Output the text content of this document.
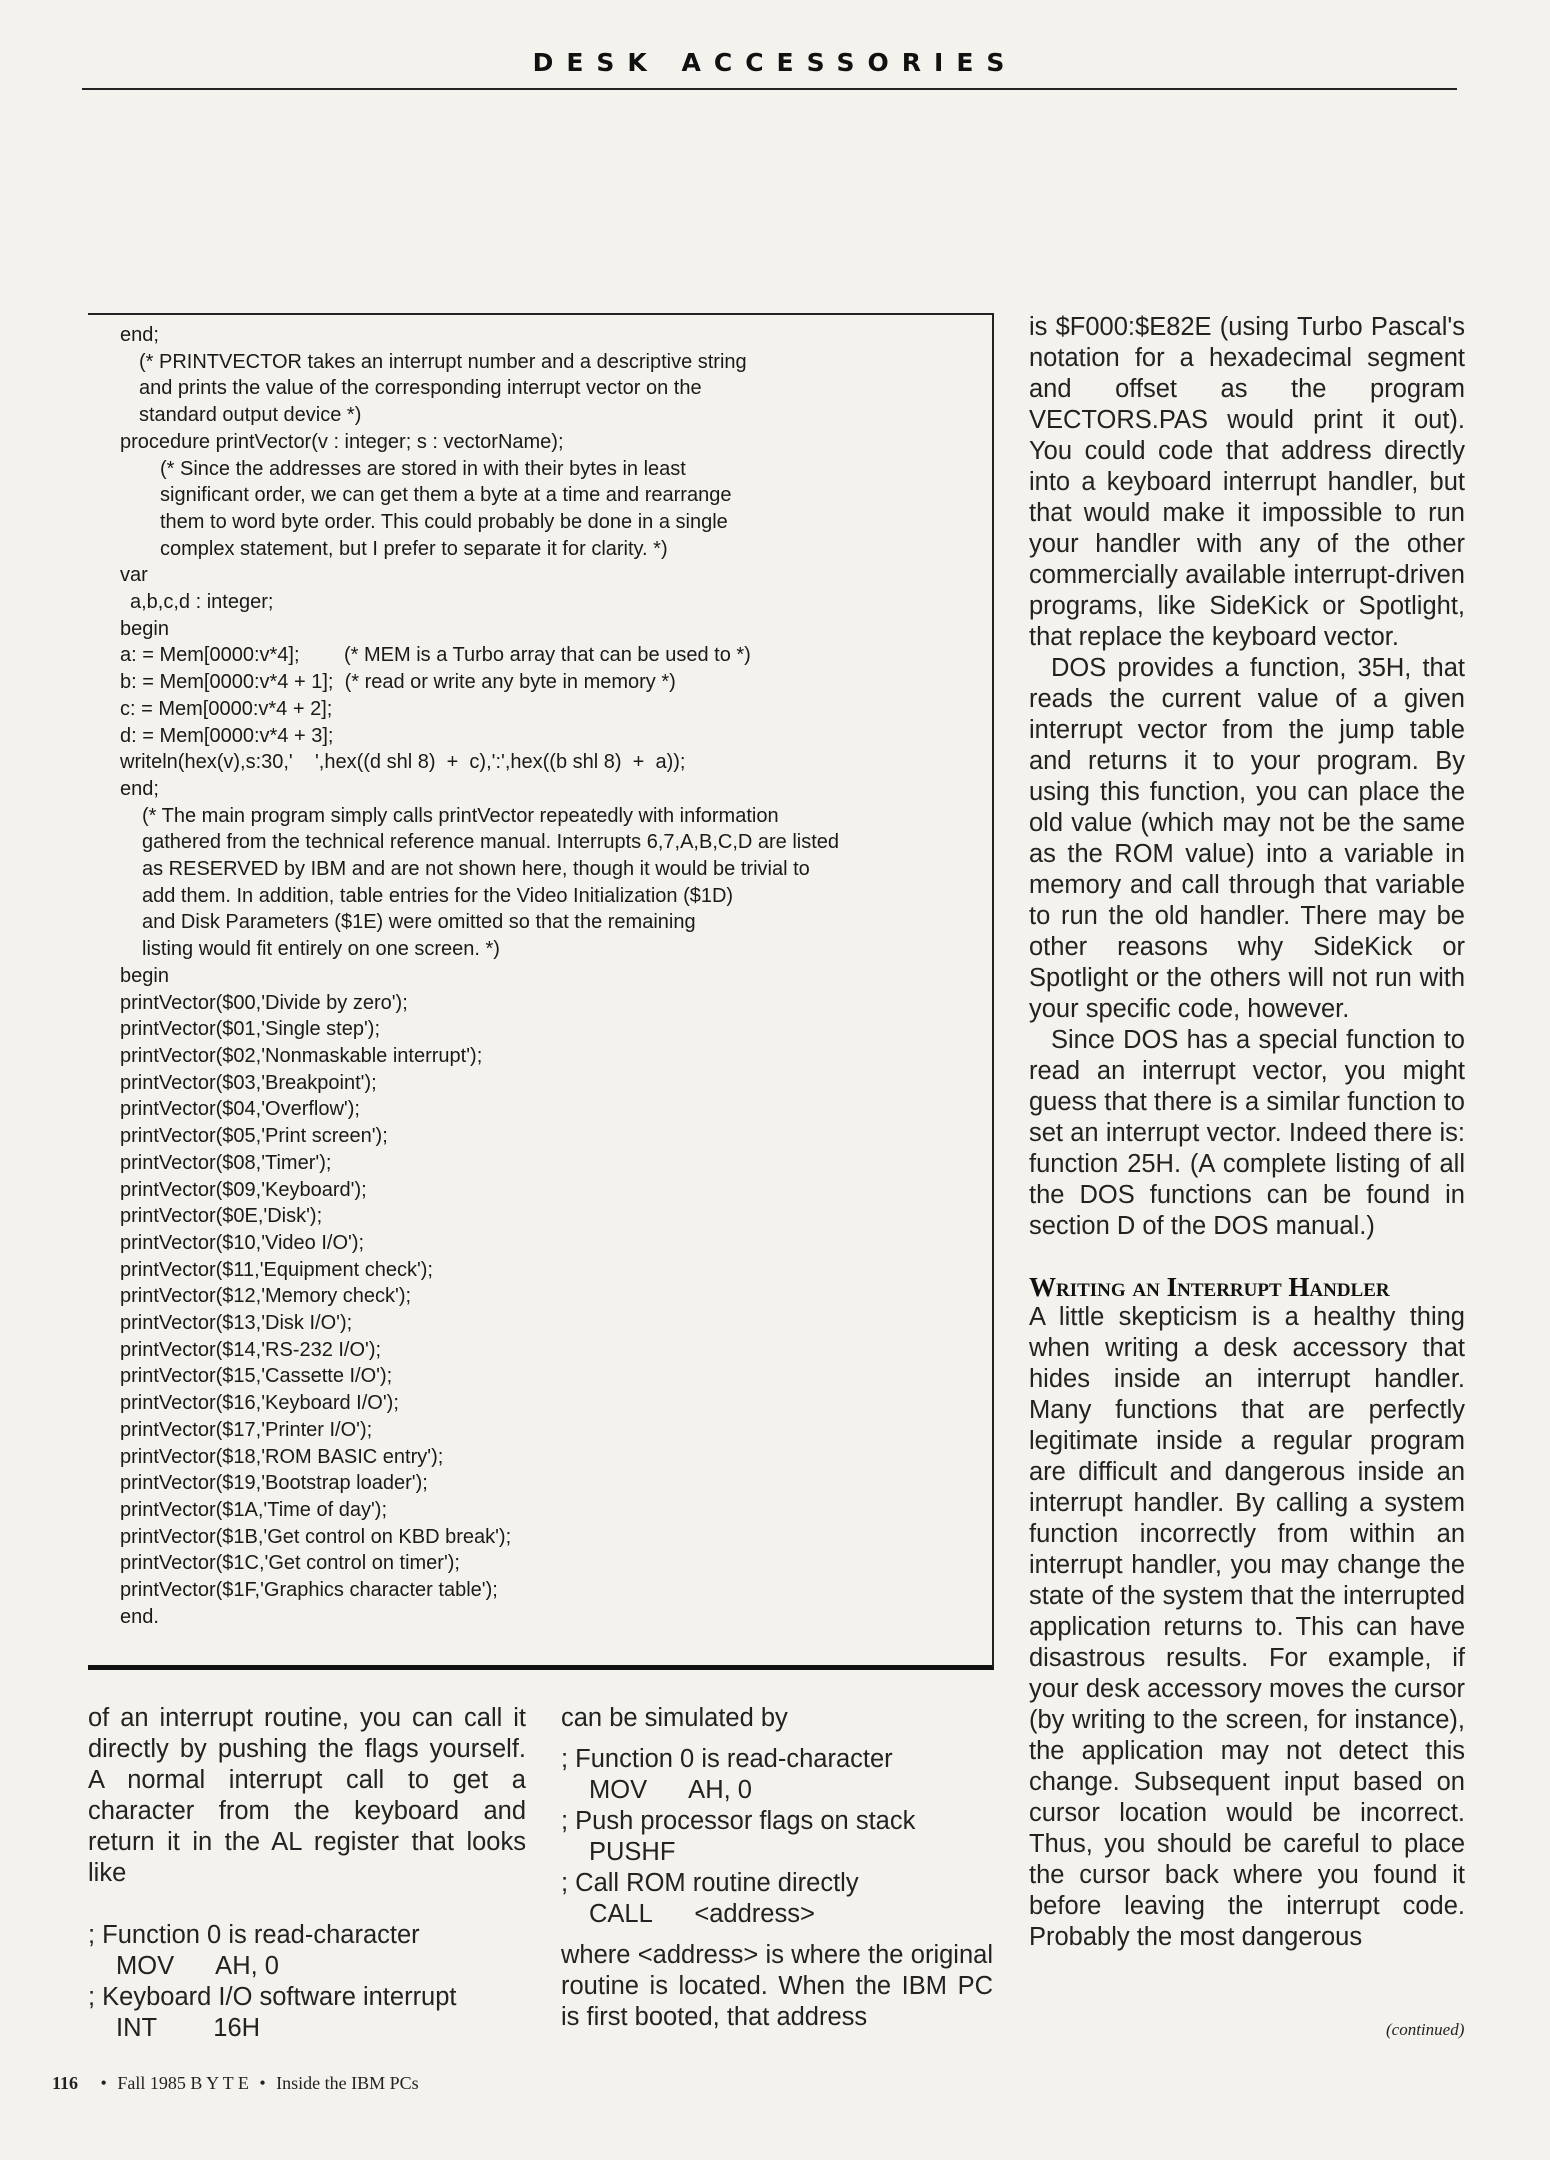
DESK ACCESSORIES
end;
(* PRINTVECTOR takes an interrupt number and a descriptive string
and prints the value of the corresponding interrupt vector on the
standard output device *)
procedure printVector(v : integer; s : vectorName);
(* Since the addresses are stored in with their bytes in least
significant order, we can get them a byte at a time and rearrange
them to word byte order. This could probably be done in a single
complex statement, but I prefer to separate it for clarity. *)
var
a,b,c,d : integer;
begin
a: = Mem[0000:v*4];        (* MEM is a Turbo array that can be used to *)
b: = Mem[0000:v*4 + 1];  (* read or write any byte in memory *)
c: = Mem[0000:v*4 + 2];
d: = Mem[0000:v*4 + 3];
writeln(hex(v),s:30,'    ',hex((d shl 8)  +  c),':',hex((b shl 8)  +  a));
end;
(* The main program simply calls printVector repeatedly with information
gathered from the technical reference manual. Interrupts 6,7,A,B,C,D are listed
as RESERVED by IBM and are not shown here, though it would be trivial to
add them. In addition, table entries for the Video Initialization ($1D)
and Disk Parameters ($1E) were omitted so that the remaining
listing would fit entirely on one screen. *)
begin
printVector($00,'Divide by zero');
printVector($01,'Single step');
printVector($02,'Nonmaskable interrupt');
printVector($03,'Breakpoint');
printVector($04,'Overflow');
printVector($05,'Print screen');
printVector($08,'Timer');
printVector($09,'Keyboard');
printVector($0E,'Disk');
printVector($10,'Video I/O');
printVector($11,'Equipment check');
printVector($12,'Memory check');
printVector($13,'Disk I/O');
printVector($14,'RS-232 I/O');
printVector($15,'Cassette I/O');
printVector($16,'Keyboard I/O');
printVector($17,'Printer I/O');
printVector($18,'ROM BASIC entry');
printVector($19,'Bootstrap loader');
printVector($1A,'Time of day');
printVector($1B,'Get control on KBD break');
printVector($1C,'Get control on timer');
printVector($1F,'Graphics character table');
end.

of an interrupt routine, you can call it directly by pushing the flags yourself. A normal interrupt call to get a character from the keyboard and return it in the AL register that looks like

; Function 0 is read-character
MOV      AH, 0
; Keyboard I/O software interrupt
INT        16H

can be simulated by

; Function 0 is read-character
MOV      AH, 0
; Push processor flags on stack
PUSHF
; Call ROM routine directly
CALL      <address>

where <address> is where the original routine is located. When the IBM PC is first booted, that address

is $F000:$E82E (using Turbo Pascal's notation for a hexadecimal segment and offset as the program VECTORS.PAS would print it out). You could code that address directly into a keyboard interrupt handler, but that would make it impossible to run your handler with any of the other commercially available interrupt-driven programs, like SideKick or Spotlight, that replace the keyboard vector.

DOS provides a function, 35H, that reads the current value of a given interrupt vector from the jump table and returns it to your program. By using this function, you can place the old value (which may not be the same as the ROM value) into a variable in memory and call through that variable to run the old handler. There may be other reasons why SideKick or Spotlight or the others will not run with your specific code, however.

Since DOS has a special function to read an interrupt vector, you might guess that there is a similar function to set an interrupt vector. Indeed there is: function 25H. (A complete listing of all the DOS functions can be found in section D of the DOS manual.)

Writing an Interrupt Handler

A little skepticism is a healthy thing when writing a desk accessory that hides inside an interrupt handler. Many functions that are perfectly legitimate inside a regular program are difficult and dangerous inside an interrupt handler. By calling a system function incorrectly from within an interrupt handler, you may change the state of the system that the interrupted application returns to. This can have disastrous results. For example, if your desk accessory moves the cursor (by writing to the screen, for instance), the application may not detect this change. Subsequent input based on cursor location would be incorrect. Thus, you should be careful to place the cursor back where you found it before leaving the interrupt code. Probably the most dangerous

(continued)
116 • Fall 1985 B Y T E • Inside the IBM PCs
